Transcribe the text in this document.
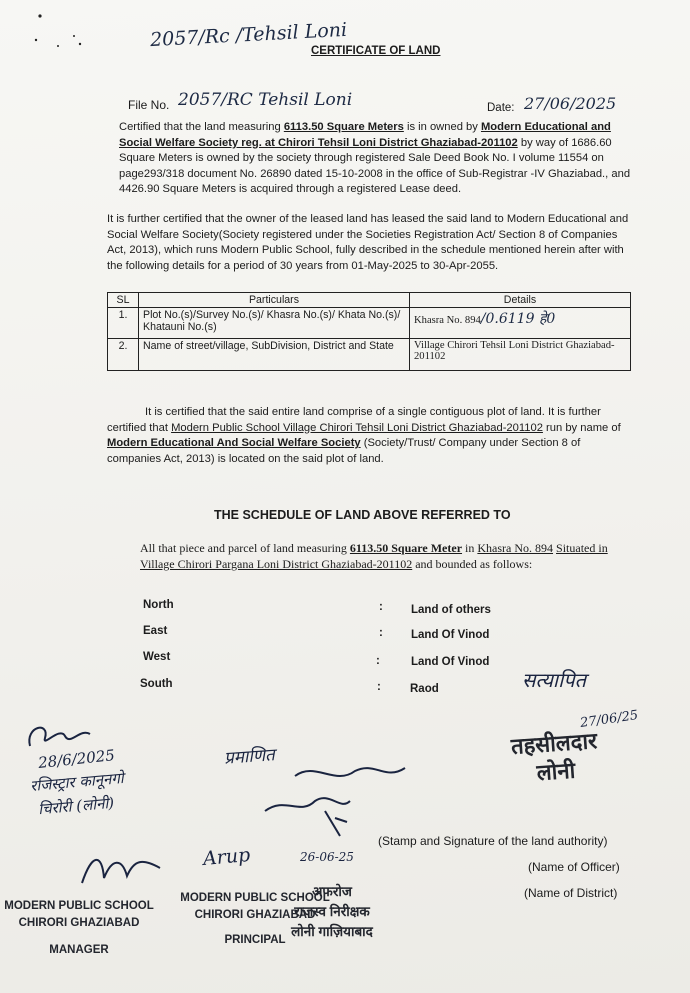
2057/Rc /Tehsil Loni
CERTIFICATE OF LAND
File No. 2057/RC Tehsil Loni	Date: 27/06/2025
Certified that the land measuring 6113.50 Square Meters is in owned by Modern Educational and Social Welfare Society reg. at Chirori Tehsil Loni District Ghaziabad-201102 by way of 1686.60 Square Meters is owned by the society through registered Sale Deed Book No. I volume 11554 on page293/318 document No. 26890 dated 15-10-2008 in the office of Sub-Registrar -IV Ghaziabad., and 4426.90 Square Meters is acquired through a registered Lease deed.
It is further certified that the owner of the leased land has leased the said land to Modern Educational and Social Welfare Society(Society registered under the Societies Registration Act/ Section 8 of Companies Act, 2013), which runs Modern Public School, fully described in the schedule mentioned herein after with the following details for a period of 30 years from 01-May-2025 to 30-Apr-2055.
SL	Particulars	Details
1.	Plot No.(s)/Survey No.(s)/ Khasra No.(s)/ Khata No.(s)/ Khatauni No.(s)	Khasra No. 894/0.6119 हे0
2.	Name of street/village, SubDivision, District and State	Village Chirori Tehsil Loni District Ghaziabad-201102
It is certified that the said entire land comprise of a single contiguous plot of land. It is further certified that Modern Public School Village Chirori Tehsil Loni District Ghaziabad-201102 run by name of Modern Educational And Social Welfare Society (Society/Trust/ Company under Section 8 of companies Act, 2013) is located on the said plot of land.
THE SCHEDULE OF LAND ABOVE REFERRED TO
All that piece and parcel of land measuring 6113.50 Square Meter in Khasra No. 894 Situated in Village Chirori Pargana Loni District Ghaziabad-201102 and bounded as follows:
North	: Land of others
East	: Land Of Vinod
West	:	Land Of Vinod
South	:	Raod
28/6/2025
रजिस्ट्रार कानूनगो
चिरोरी (लोनी)
प्रमाणित
Arup	26-06-25
सत्यापित
27/06/25
तहसीलदार
लोनी
MODERN PUBLIC SCHOOL
CHIRORI GHAZIABAD
MANAGER
MODERN PUBLIC SCHOOL
CHIRORI GHAZIABAD
PRINCIPAL
अफरोज
राजस्व निरीक्षक
लोनी गाज़ियाबाद
(Stamp and Signature of the land authority)
(Name of Officer)
(Name of District)
